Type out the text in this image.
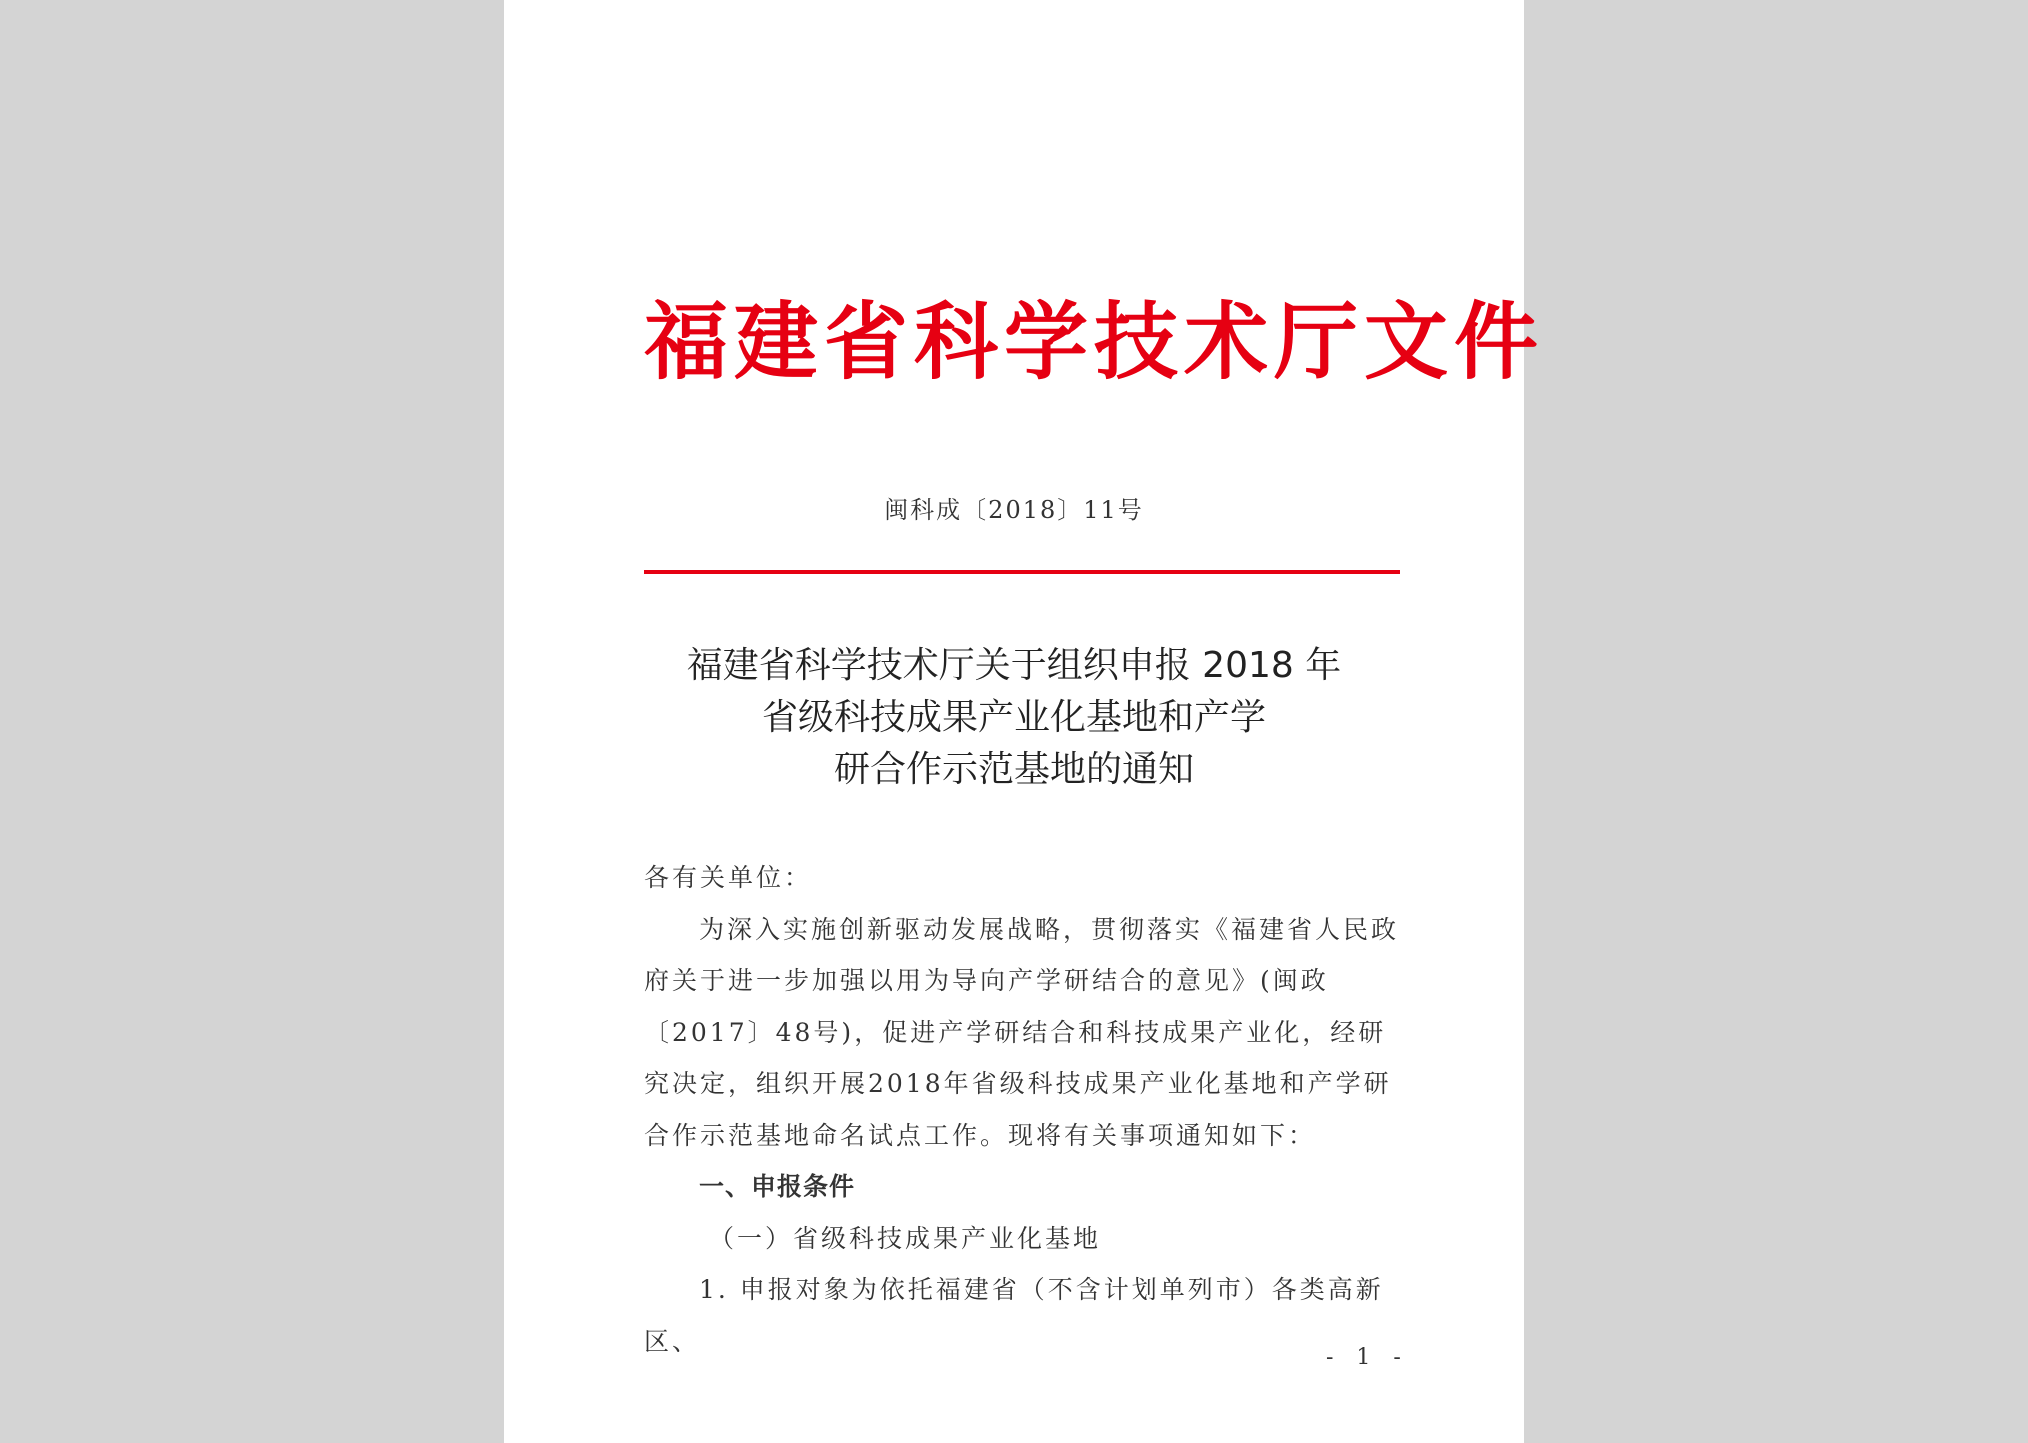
福建省科学技术厅文件
闽科成〔2018〕11号
福建省科学技术厅关于组织申报 2018 年
省级科技成果产业化基地和产学
研合作示范基地的通知

各有关单位：

为深入实施创新驱动发展战略，贯彻落实《福建省人民政府关于进一步加强以用为导向产学研结合的意见》(闽政〔2017〕48号)，促进产学研结合和科技成果产业化，经研究决定，组织开展2018年省级科技成果产业化基地和产学研合作示范基地命名试点工作。现将有关事项通知如下：

一、申报条件

（一）省级科技成果产业化基地

1. 申报对象为依托福建省（不含计划单列市）各类高新区、

- 1 -
